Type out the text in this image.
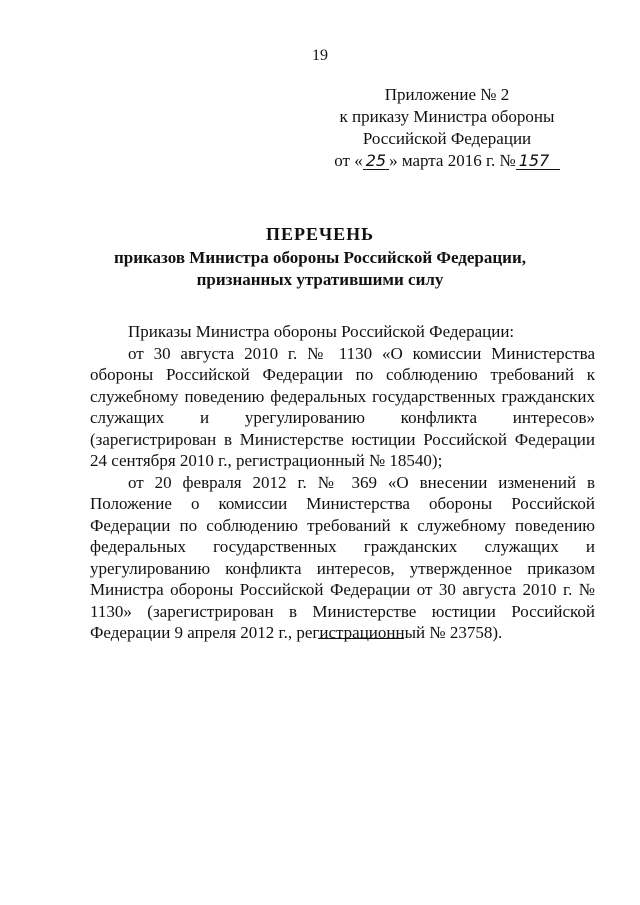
19
Приложение № 2
к приказу Министра обороны
Российской Федерации
от « 25 » марта 2016 г. № 157
ПЕРЕЧЕНЬ
приказов Министра обороны Российской Федерации,
признанных утратившими силу

Приказы Министра обороны Российской Федерации:

от 30 августа 2010 г. № 1130 «О комиссии Министерства обороны Российской Федерации по соблюдению требований к служебному поведению федеральных государственных гражданских служащих и урегулированию конфликта интересов» (зарегистрирован в Министерстве юстиции Российской Федерации 24 сентября 2010 г., регистрационный № 18540);

от 20 февраля 2012 г. № 369 «О внесении изменений в Положение о комиссии Министерства обороны Российской Федерации по соблюдению требований к служебному поведению федеральных государственных гражданских служащих и урегулированию конфликта интересов, утвержденное приказом Министра обороны Российской Федерации от 30 августа 2010 г. № 1130» (зарегистрирован в Министерстве юстиции Российской Федерации 9 апреля 2012 г., регистрационный № 23758).
